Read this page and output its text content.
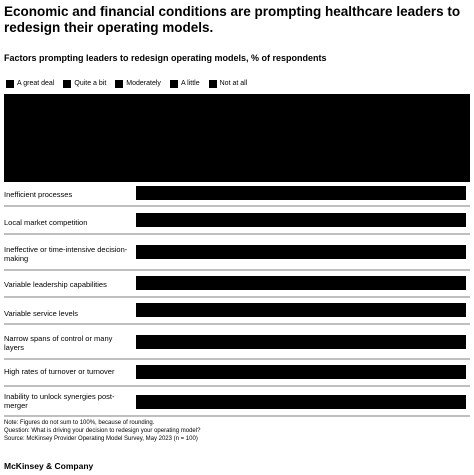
Economic and financial conditions are prompting healthcare leaders to redesign their operating models.
Factors prompting leaders to redesign operating models, % of respondents
A great deal	Quite a bit	Moderately	A little	Not at all
Inefficient processes
Local market competition
Ineffective or time-intensive decision-making
Variable leadership capabilities
Variable service levels
Narrow spans of control or many layers
High rates of turnover or turnover
Inability to unlock synergies post-merger
Note: Figures do not sum to 100%, because of rounding.
Question: What is driving your decision to redesign your operating model?
Source: McKinsey Provider Operating Model Survey, May 2023 (n = 100)
McKinsey & Company
